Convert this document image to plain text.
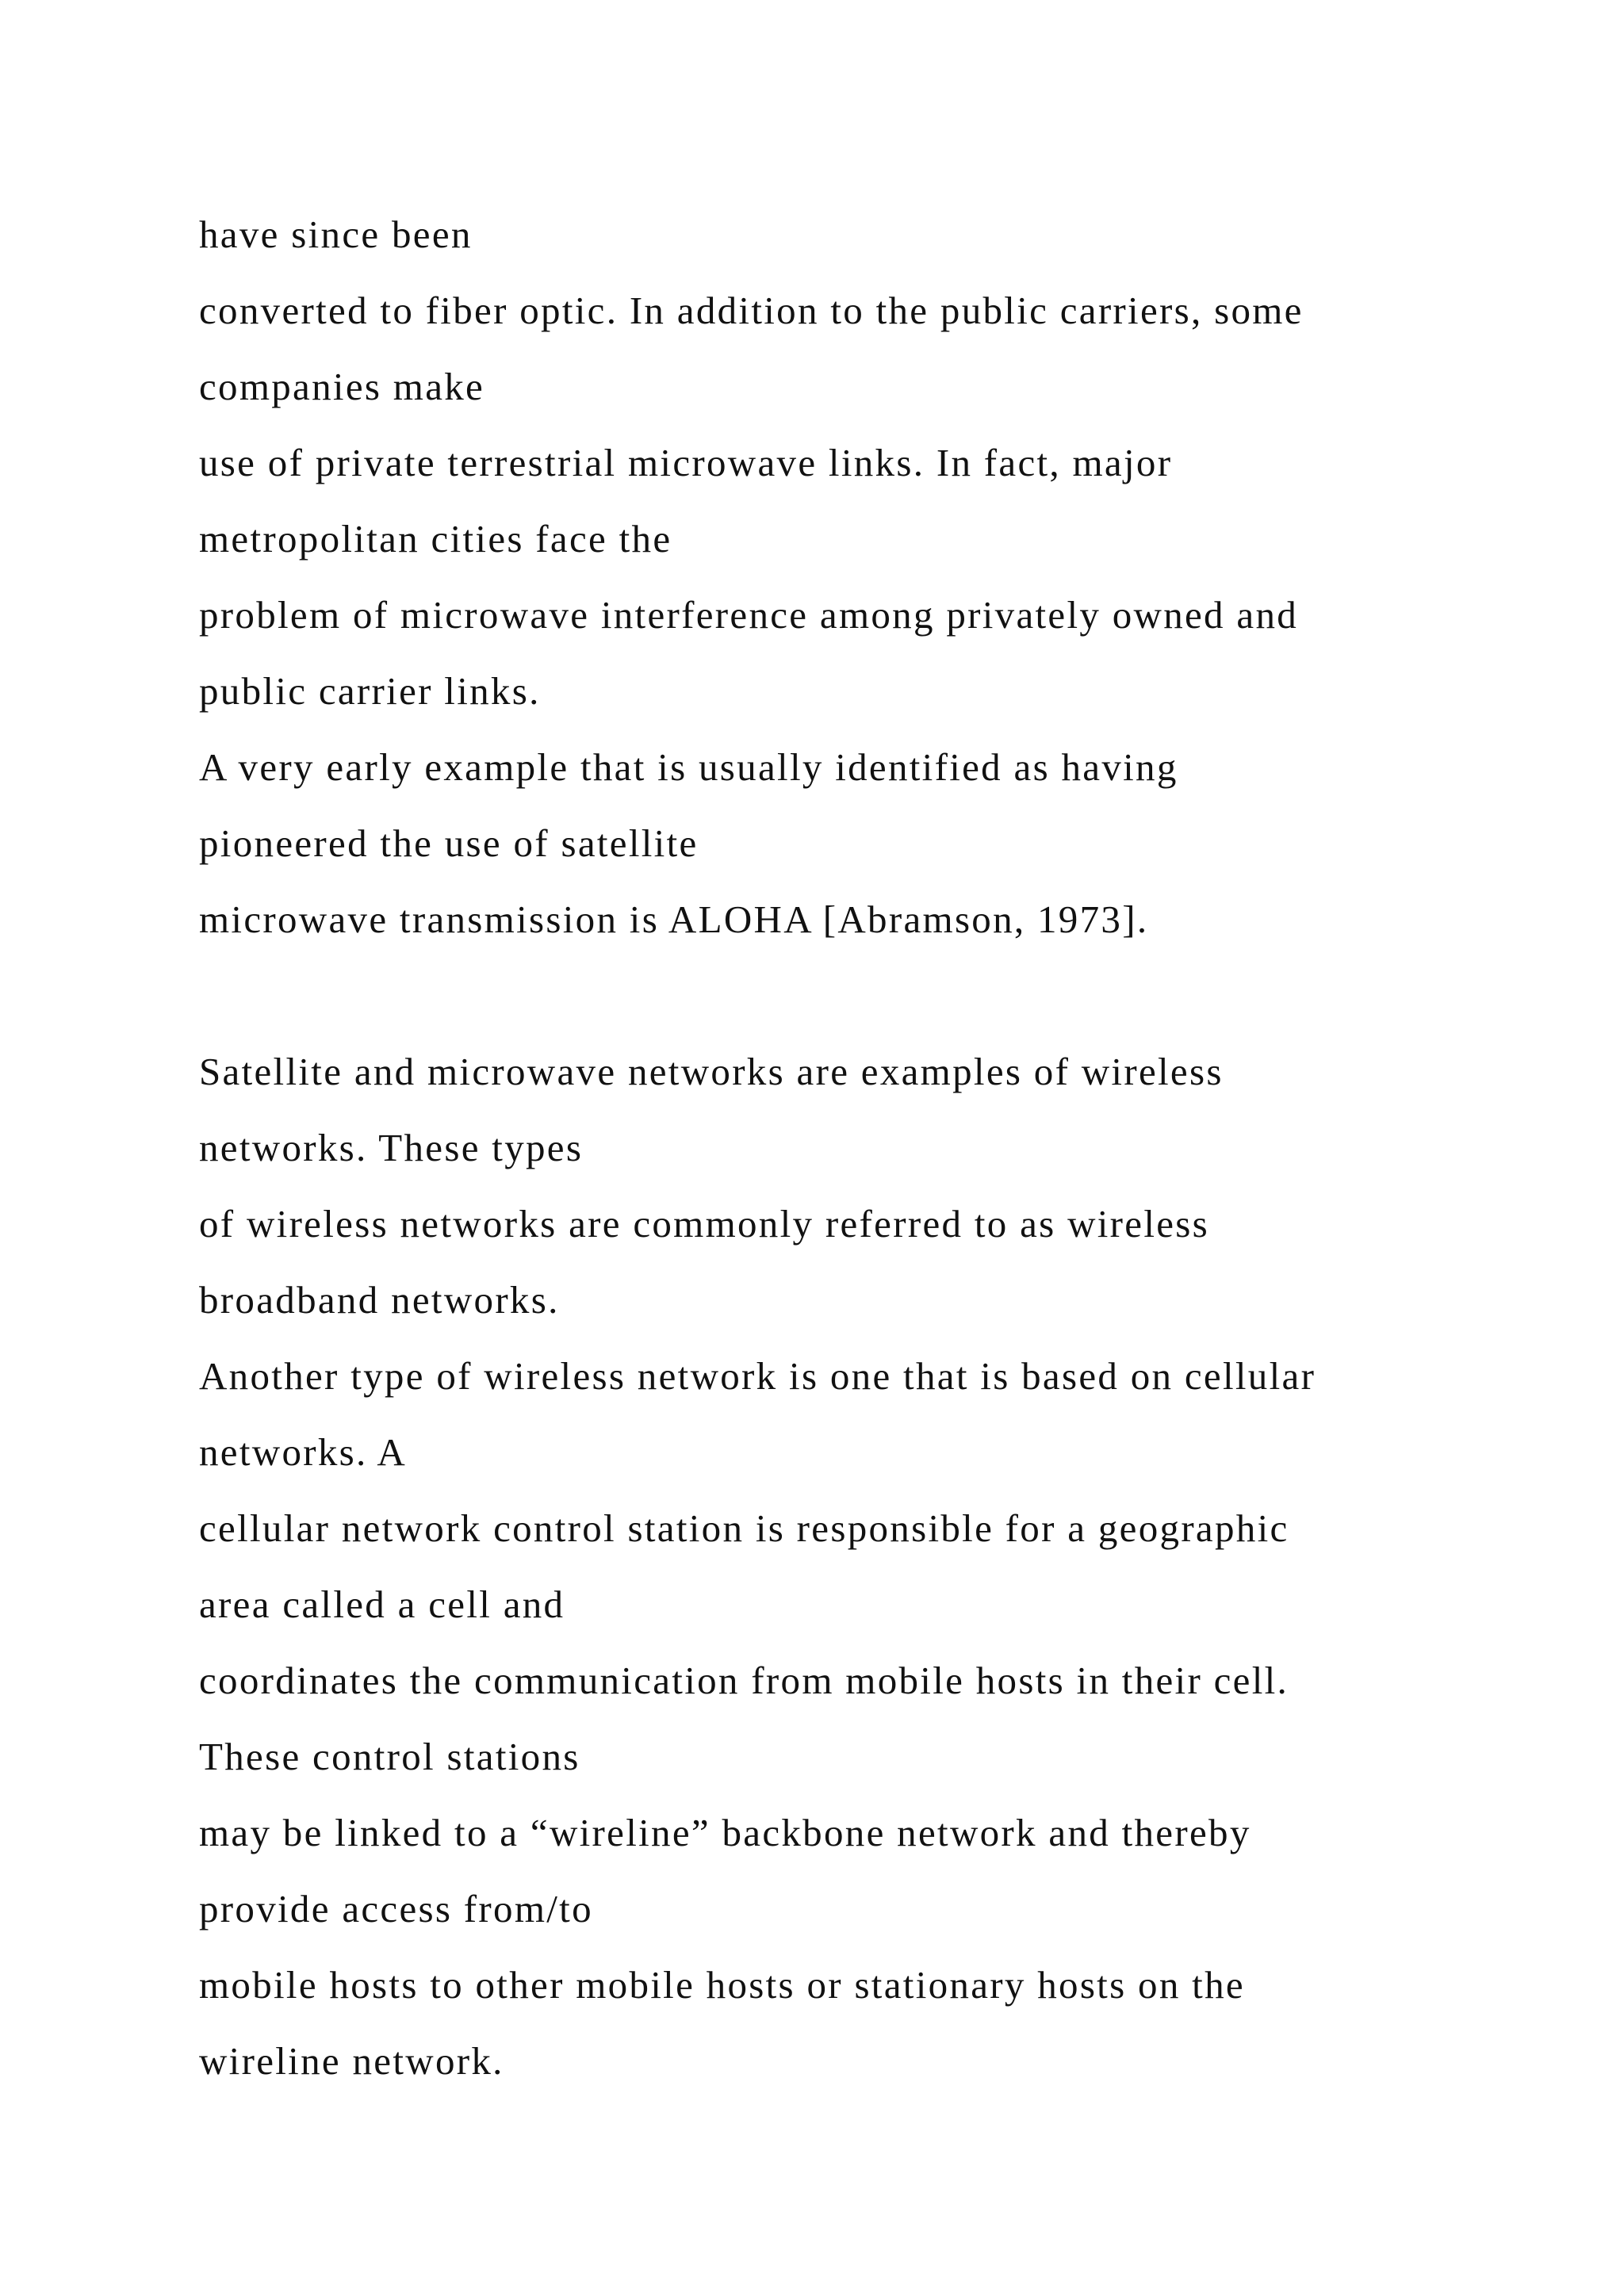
have since been
converted to fiber optic. In addition to the public carriers, some
companies make
use of private terrestrial microwave links. In fact, major
metropolitan cities face the
problem of microwave interference among privately owned and
public carrier links.
A very early example that is usually identified as having
pioneered the use of satellite
microwave transmission is ALOHA [Abramson, 1973].
Satellite and microwave networks are examples of wireless
networks. These types
of wireless networks are commonly referred to as wireless
broadband networks.
Another type of wireless network is one that is based on cellular
networks. A
cellular network control station is responsible for a geographic
area called a cell and
coordinates the communication from mobile hosts in their cell.
These control stations
may be linked to a “wireline” backbone network and thereby
provide access from/to
mobile hosts to other mobile hosts or stationary hosts on the
wireline network.
